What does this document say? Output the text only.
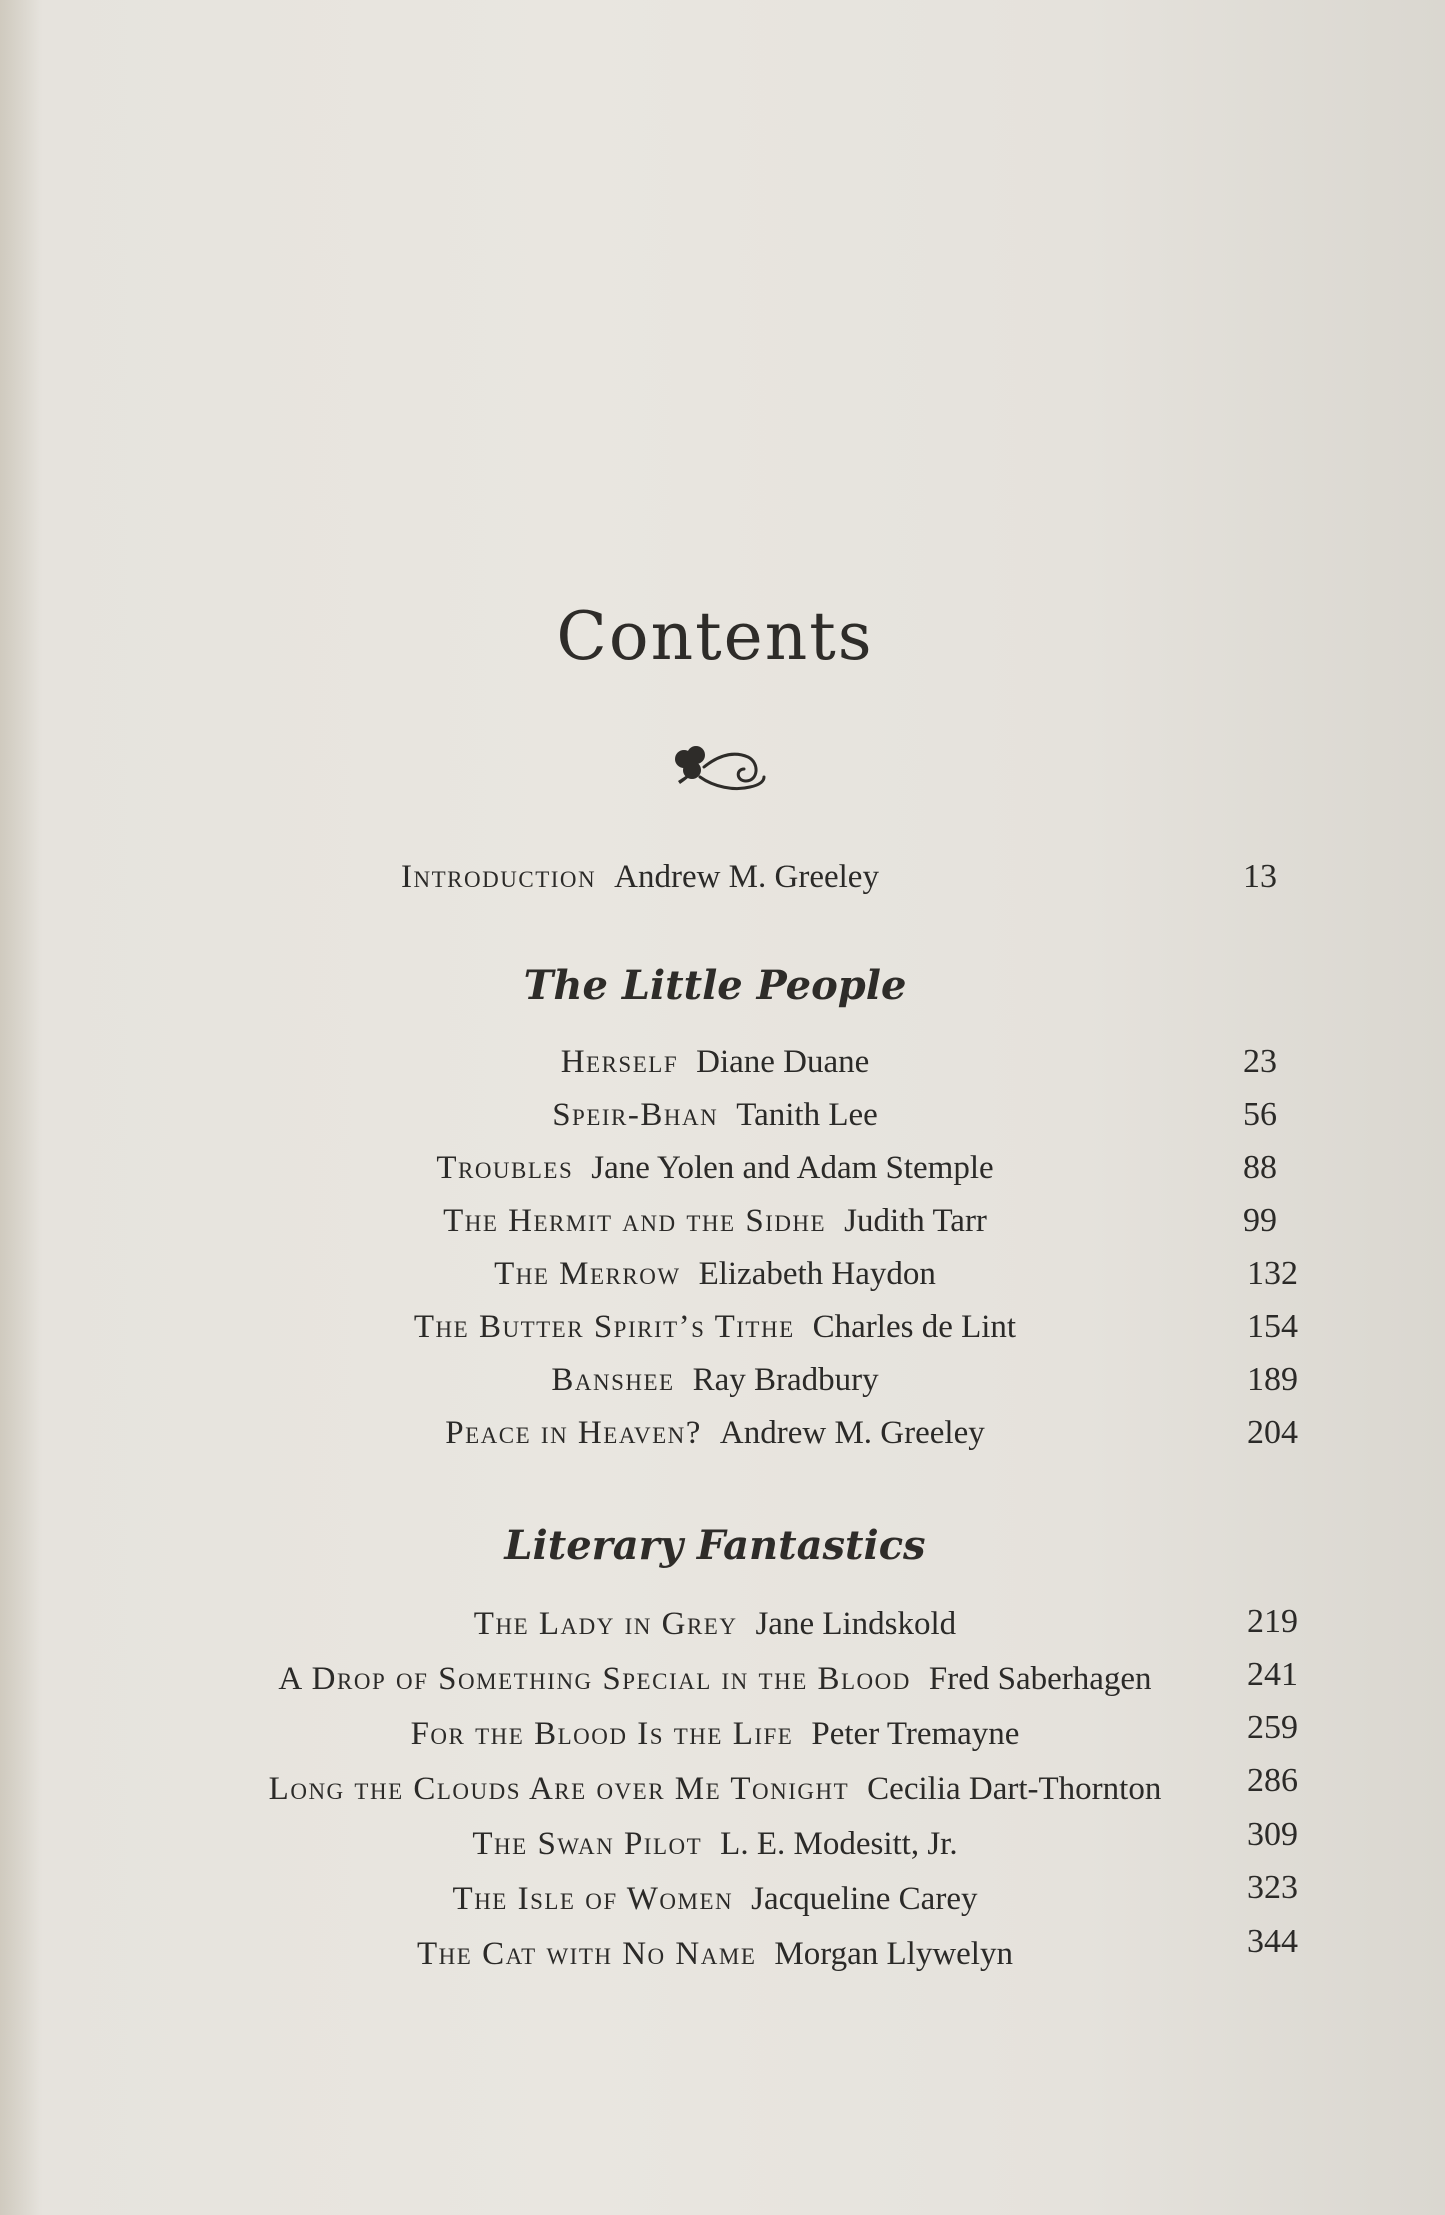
Contents
Introduction Andrew M. Greeley	13
The Little People
Herself Diane Duane	23
Speir-Bhan Tanith Lee	56
Troubles Jane Yolen and Adam Stemple	88
The Hermit and the Sidhe Judith Tarr	99
The Merrow Elizabeth Haydon	132
The Butter Spirit’s Tithe Charles de Lint	154
Banshee Ray Bradbury	189
Peace in Heaven? Andrew M. Greeley	204
Literary Fantastics
The Lady in Grey Jane Lindskold	219
A Drop of Something Special in the Blood Fred Saberhagen	241
For the Blood Is the Life Peter Tremayne	259
Long the Clouds Are over Me Tonight Cecilia Dart-Thornton	286
The Swan Pilot L. E. Modesitt, Jr.	309
The Isle of Women Jacqueline Carey	323
The Cat with No Name Morgan Llywelyn	344
